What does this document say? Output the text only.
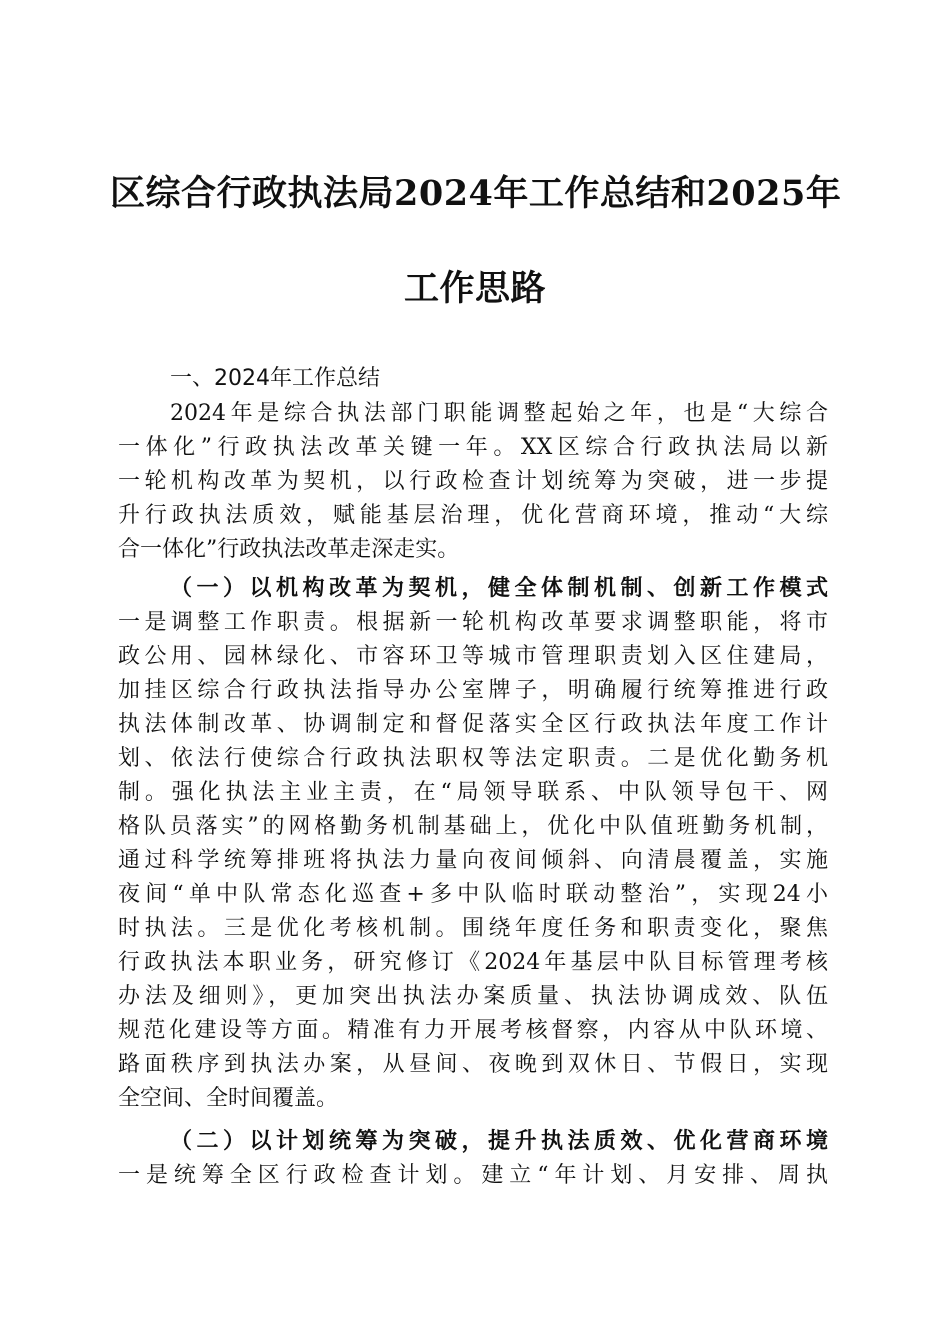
区综合行政执法局2024年工作总结和2025年
工作思路
一、2024年工作总结
2024年是综合执法部门职能调整起始之年，也是“大综合
一体化”行政执法改革关键一年。XX区综合行政执法局以新
一轮机构改革为契机，以行政检查计划统筹为突破，进一步提
升行政执法质效，赋能基层治理，优化营商环境，推动“大综
合一体化”行政执法改革走深走实。
（一）以机构改革为契机，健全体制机制、创新工作模式
一是调整工作职责。根据新一轮机构改革要求调整职能，将市
政公用、园林绿化、市容环卫等城市管理职责划入区住建局，
加挂区综合行政执法指导办公室牌子，明确履行统筹推进行政
执法体制改革、协调制定和督促落实全区行政执法年度工作计
划、依法行使综合行政执法职权等法定职责。二是优化勤务机
制。强化执法主业主责，在“局领导联系、中队领导包干、网
格队员落实”的网格勤务机制基础上，优化中队值班勤务机制，
通过科学统筹排班将执法力量向夜间倾斜、向清晨覆盖，实施
夜间“单中队常态化巡查+多中队临时联动整治”，实现24小
时执法。三是优化考核机制。围绕年度任务和职责变化，聚焦
行政执法本职业务，研究修订《2024年基层中队目标管理考核
办法及细则》，更加突出执法办案质量、执法协调成效、队伍
规范化建设等方面。精准有力开展考核督察，内容从中队环境、
路面秩序到执法办案，从昼间、夜晚到双休日、节假日，实现
全空间、全时间覆盖。
（二）以计划统筹为突破，提升执法质效、优化营商环境
一是统筹全区行政检查计划。建立“年计划、月安排、周执
